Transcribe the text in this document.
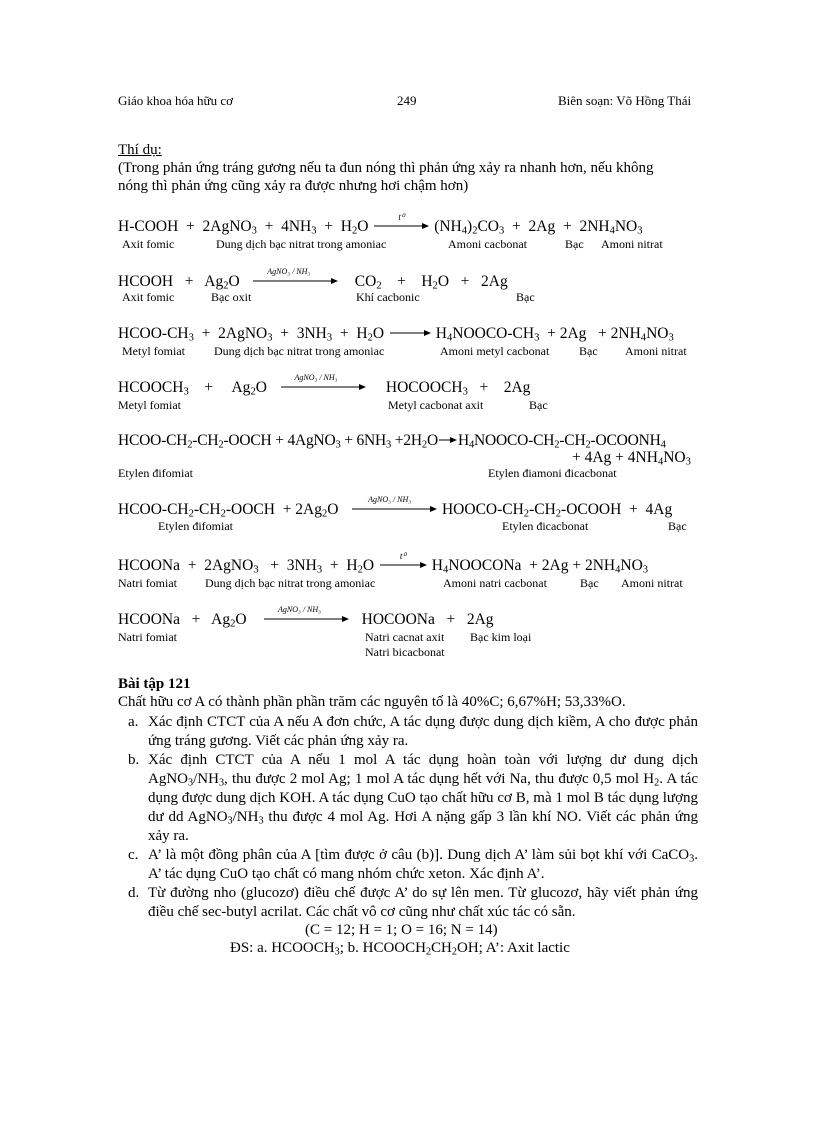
Giáo khoa hóa hữu cơ	249	Biên soạn: Võ Hồng Thái
Thí dụ:
(Trong phản ứng tráng gương nếu ta đun nóng thì phản ứng xảy ra nhanh hơn, nếu không
nóng thì phản ứng cũng xảy ra được nhưng hơi chậm hơn)
H-COOH  +  2AgNO$_3$  +  $4NH_3 + H_2O$
t⁰
$(NH_4)_2CO_3 + 2Ag + 2NH_4NO_3$
Axit fomic	Dung dịch bạc nitrat trong amoniac	Amoni cacbonat	Bạc Amoni nitrat
HCOOH   +   $Ag_2O$
AgNO₃ / NH₃
$CO_2$    +    $H_2O + 2Ag$
Axit fomic	Bạc oxit	Khí cacbonic	Bạc
HCOO-$CH_3$  +  2AgNO$_3$  +  $3NH_3 + H_2O$	$H_4NOOCO-CH_3 + 2Ag + 2NH_4NO_3$
Metyl fomiat Dung dịch bạc nitrat trong amoniac	Amoni metyl cacbonat Bạc Amoni nitrat
$HCOOCH_3$    +     $Ag_2O$
AgNO₃ / NH₃
$HOCOOCH_3$   +    2Ag
Metyl fomiat	Metyl cacbonat axit	Bạc
HCOO-$CH_2-CH_2$-OOCH + 4AgNO$_3$ + $6NH_3 +2H_2O$ $H_4NOOCO-CH_2-CH_2-OCOONH_4$
+ $4Ag + 4NH_4NO_3$
Etylen đifomiat	Etylen điamoni đicacbonat
HCOO-$CH_2-CH_2$-OOCH  + $2Ag_2O$
AgNO₃ / NH₃
HOOCO-$CH_2-CH_2$-OCOOH  +  4Ag
Etylen đifomiat	Etylen đicacbonat	Bạc
HCOONa  +  2AgNO$_3$   +  $3NH_3 + H_2O$
t⁰
$H_4NOOCONa + 2Ag + 2NH_4NO_3$
Natri fomiat Dung dịch bạc nitrat trong amoniac	Amoni natri cacbonat	Bạc Amoni nitrat
HCOONa   +   $Ag_2O$
AgNO₃ / NH₃
HOCOONa   +   2Ag
Natri fomiat	Natri cacnat axit Bạc kim loại
Natri bicacbonat
Bài tập 121
Chất hữu cơ A có thành phần phần trăm các nguyên tố là 40%C; 6,67%H; 53,33%O.
a. Xác định CTCT của A nếu A đơn chức, A tác dụng được dung dịch kiềm, A cho được phản ứng tráng gương. Viết các phản ứng xảy ra.
b. Xác định CTCT của A nếu 1 mol A tác dụng hoàn toàn với lượng dư dung dịch $AgNO_3/NH_3$, thu được 2 mol Ag; 1 mol A tác dụng hết với Na, thu được 0,5 mol $H_2$. A tác dụng được dung dịch KOH. A tác dụng CuO tạo chất hữu cơ B, mà 1 mol B tác dụng lượng dư dd $AgNO_3/NH_3$ thu được 4 mol Ag. Hơi A nặng gấp 3 lần khí NO. Viết các phản ứng xảy ra.
c. A’ là một đồng phân của A [tìm được ở câu (b)]. Dung dịch A’ làm sủi bọt khí với CaCO$_3$. A’ tác dụng CuO tạo chất có mang nhóm chức xeton. Xác định A’.
d. Từ đường nho (glucozơ) điều chế được A’ do sự lên men. Từ glucozơ, hãy viết phản ứng điều chế sec-butyl acrilat. Các chất vô cơ cũng như chất xúc tác có sẵn.
(C = 12; H = 1; O = 16; N = 14)
ĐS: a. $HCOOCH_3$; b. $HCOOCH_2CH_2OH$; A’: Axit lactic
